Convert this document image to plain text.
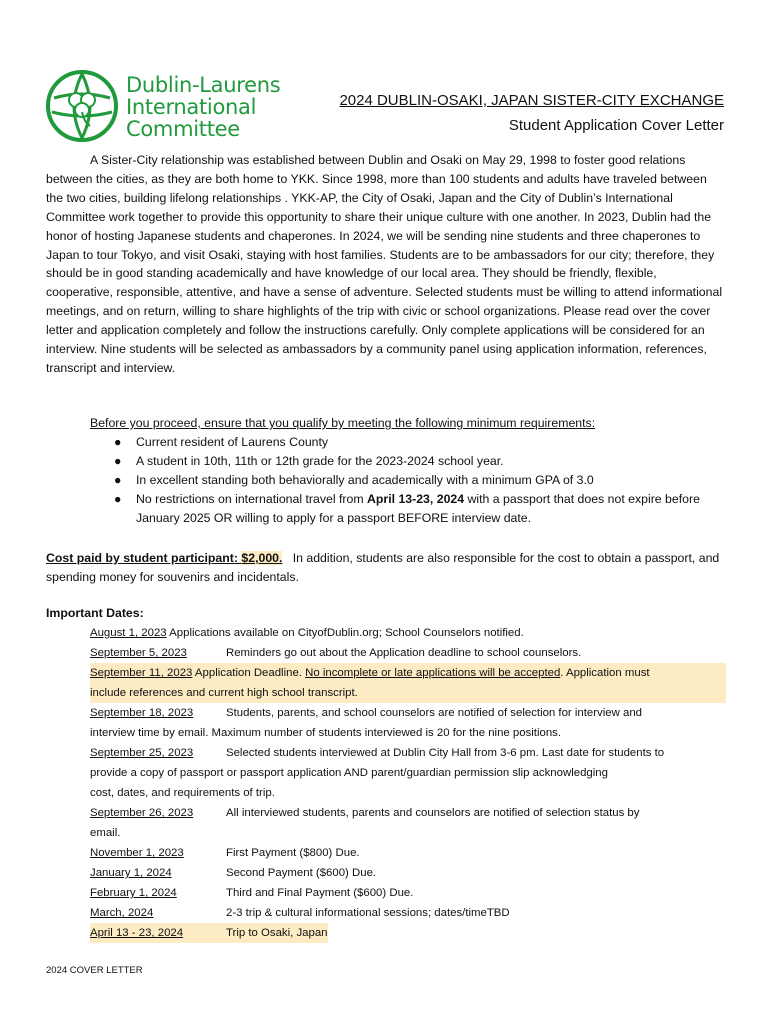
Dublin-Laurens
International
Committee
2024 DUBLIN-OSAKI, JAPAN SISTER-CITY EXCHANGE
Student Application Cover Letter
A Sister-City relationship was established between Dublin and Osaki on May 29, 1998 to foster good relations between the cities, as they are both home to YKK. Since 1998, more than 100 students and adults have traveled between the two cities, building lifelong relationships . YKK-AP, the City of Osaki, Japan and the City of Dublin’s International Committee work together to provide this opportunity to share their unique culture with one another. In 2023, Dublin had the honor of hosting Japanese students and chaperones. In 2024, we will be sending nine students and three chaperones to Japan to tour Tokyo, and visit Osaki, staying with host families. Students are to be ambassadors for our city; therefore, they should be in good standing academically and have knowledge of our local area. They should be friendly, flexible, cooperative, responsible, attentive, and have a sense of adventure. Selected students must be willing to attend informational meetings, and on return, willing to share highlights of the trip with civic or school organizations. Please read over the cover letter and application completely and follow the instructions carefully. Only complete applications will be considered for an interview. Nine students will be selected as ambassadors by a community panel using application information, references, transcript and interview.
Before you proceed, ensure that you qualify by meeting the following minimum requirements:
● Current resident of Laurens County
● A student in 10th, 11th or 12th grade for the 2023-2024 school year.
● In excellent standing both behaviorally and academically with a minimum GPA of 3.0
● No restrictions on international travel from April 13-23, 2024 with a passport that does not expire before January 2025 OR willing to apply for a passport BEFORE interview date.
Cost paid by student participant: $2,000. In addition, students are also responsible for the cost to obtain a passport, and spending money for souvenirs and incidentals.
Important Dates:
August 1, 2023 Applications available on CityofDublin.org; School Counselors notified.
September 5, 2023	Reminders go out about the Application deadline to school counselors.
September 11, 2023 Application Deadline. No incomplete or late applications will be accepted. Application must
include references and current high school transcript.
September 18, 2023	Students, parents, and school counselors are notified of selection for interview and
interview time by email. Maximum number of students interviewed is 20 for the nine positions.
September 25, 2023	Selected students interviewed at Dublin City Hall from 3-6 pm. Last date for students to
provide a copy of passport or passport application AND parent/guardian permission slip acknowledging
cost, dates, and requirements of trip.
September 26, 2023	All interviewed students, parents and counselors are notified of selection status by
email.
November 1, 2023	First Payment ($800) Due.
January 1, 2024	Second Payment ($600) Due.
February 1, 2024	Third and Final Payment ($600) Due.
March, 2024	2-3 trip & cultural informational sessions; dates/timeTBD
April 13 - 23, 2024	Trip to Osaki, Japan
2024 COVER LETTER
